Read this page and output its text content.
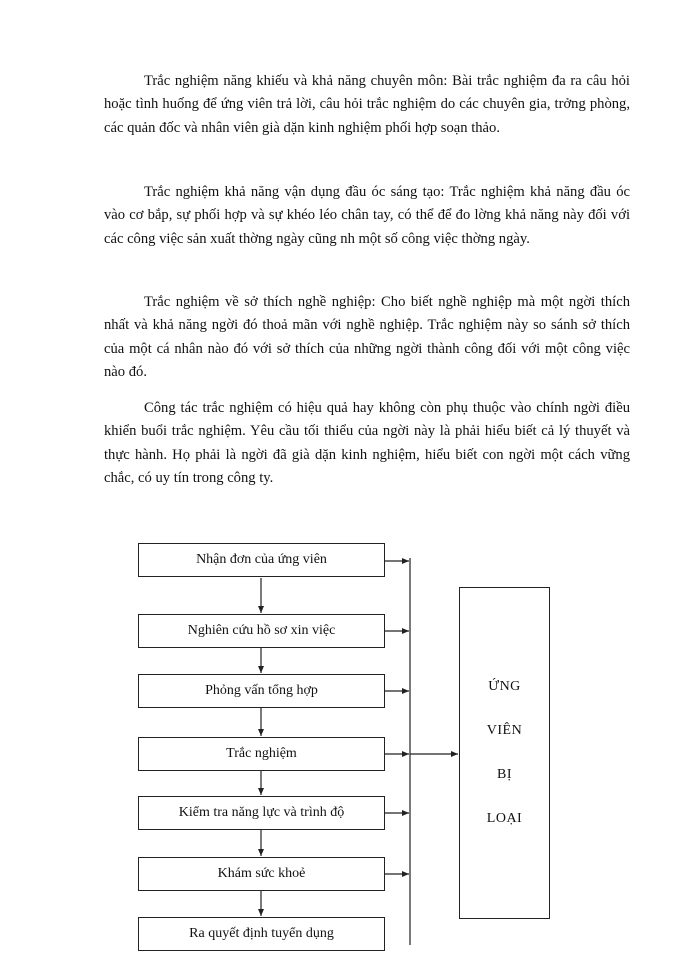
Trắc nghiệm năng khiếu và khả năng chuyên môn: Bài trắc nghiệm đa ra câu hỏi hoặc tình huống để ứng viên trả lời, câu hỏi trắc nghiệm do các chuyên gia, trởng phòng, các quản đốc và nhân viên già dặn kinh nghiệm phối hợp soạn thảo.

Trắc nghiệm khả năng vận dụng đầu óc sáng tạo: Trắc nghiệm khả năng đầu óc vào cơ bắp, sự phối hợp và sự khéo léo chân tay, có thể để đo lờng khả năng này đối với các công việc sản xuất thờng ngày cũng nh một số công việc thờng ngày.

Trắc nghiệm về sở thích nghề nghiệp: Cho biết nghề nghiệp mà một ngời thích nhất và khả năng ngời đó thoả mãn với nghề nghiệp. Trắc nghiệm này so sánh sở thích của một cá nhân nào đó với sở thích của những ngời thành công đối với một công việc nào đó.

Công tác trắc nghiệm có hiệu quả hay không còn phụ thuộc vào chính ngời điều khiển buổi trắc nghiệm. Yêu cầu tối thiểu của ngời này là phải hiểu biết cả lý thuyết và thực hành. Họ phải là ngời đã già dặn kinh nghiệm, hiểu biết con ngời một cách vững chắc, có uy tín trong công ty.

Nhận đơn của ứng viên
Nghiên cứu hồ sơ xin việc
Phỏng vấn tổng hợp
Trắc nghiệm
Kiểm tra năng lực và trình độ
Khám sức khoẻ
Ra quyết định tuyển dụng
ỨNG
VIÊN
BỊ
LOẠI
